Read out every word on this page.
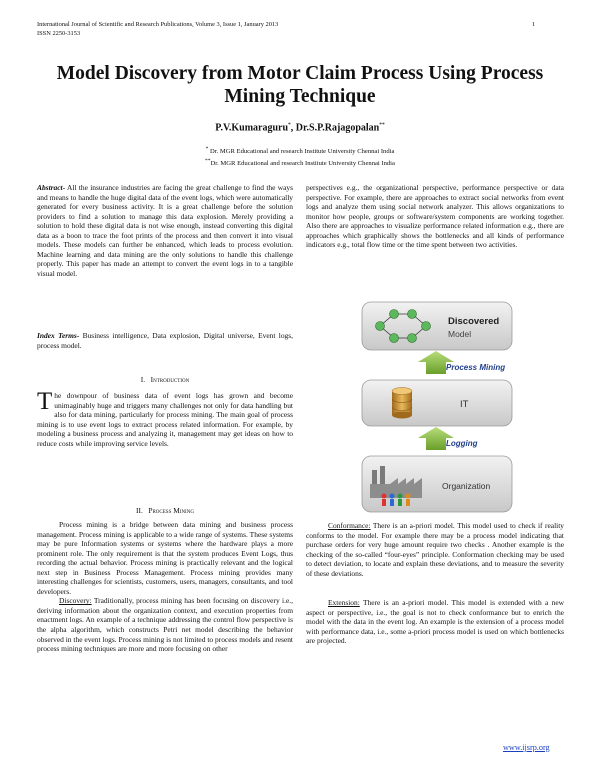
International Journal of Scientific and Research Publications, Volume 3, Issue 1, January 2013
ISSN 2250-3153
1
Model Discovery from Motor Claim Process Using Process Mining Technique
P.V.Kumaraguru*, Dr.S.P.Rajagopalan**
* Dr. MGR Educational and research Institute University Chennai India
**Dr. MGR Educational and research Institute University Chennai India

Abstract- All the insurance industries are facing the great challenge to find the ways and means to handle the huge digital data of the event logs, which were automatically generated for every business activity. It is a great challenge before the solution providers to find a solution to manage this data explosion. Merely providing a solution to hold these digital data is not wise enough, instead converting this digital data as a boon to trace the foot prints of the process and then convert it into visual models. These models can further be enhanced, which leads to process evolution. Machine learning and data mining are the only solutions to handle this challenge properly. This paper has made an attempt to convert the event logs in to a tangible visual model.

Index Terms- Business intelligence, Data explosion, Digital universe, Event logs, process model.

I. Introduction

The downpour of business data of event logs has grown and become unimaginably huge and triggers many challenges not only for data handling but also for data mining, particularly for process mining. The main goal of process mining is to use event logs to extract process related information. For example, by modeling a business process and analyzing it, management may get ideas on how to reduce costs while improving service levels.

II. Process Mining

Process mining is a bridge between data mining and business process management. Process mining is applicable to a wide range of systems. These systems may be pure Information systems or systems where the hardware plays a more prominent role. The only requirement is that the system produces Event Logs, thus recording the actual behavior. Process mining is practically relevant and the logical next step in Business Process Management. Process mining provides many interesting challenges for scientists, customers, users, managers, consultants, and tool developers.

Discovery: Traditionally, process mining has been focusing on discovery i.e., deriving information about the organization context, and execution properties from enactment logs. An example of a technique addressing the control flow perspective is the alpha algorithm, which constructs Petri net model describing the behavior observed in the event logs. Process mining is not limited to process models and resent process mining techniques are more and more focusing on other

perspectives e.g., the organizational perspective, performance perspective or data perspective. For example, there are approaches to extract social networks from event logs and analyze them using social network analyzer. This allows organizations to monitor how people, groups or software/system components are working together. Also there are approaches to visualize performance related information e.g., there are approaches which graphically shows the bottlenecks and all kinds of performance indicators e.g., total flow time or the time spent between two activities.

Discovered
Model
Process Mining
IT
Logging
Organization

Conformance: There is an a-priori model. This model used to check if reality conforms to the model. For example there may be a process model indicating that purchase orders for very huge amount require two checks . Another example is the checking of the so-called “four-eyes” principle. Conformation checking may be used to detect deviation, to locate and explain these deviations, and to measure the severity of these deviations.

Extension: There is an a-priori model. This model is extended with a new aspect or perspective, i.e., the goal is not to check conformance but to enrich the model with the data in the event log. An example is the extension of a process model with performance data, i.e., some a-priori process model is used on which bottlenecks are projected.

www.ijsrp.org
